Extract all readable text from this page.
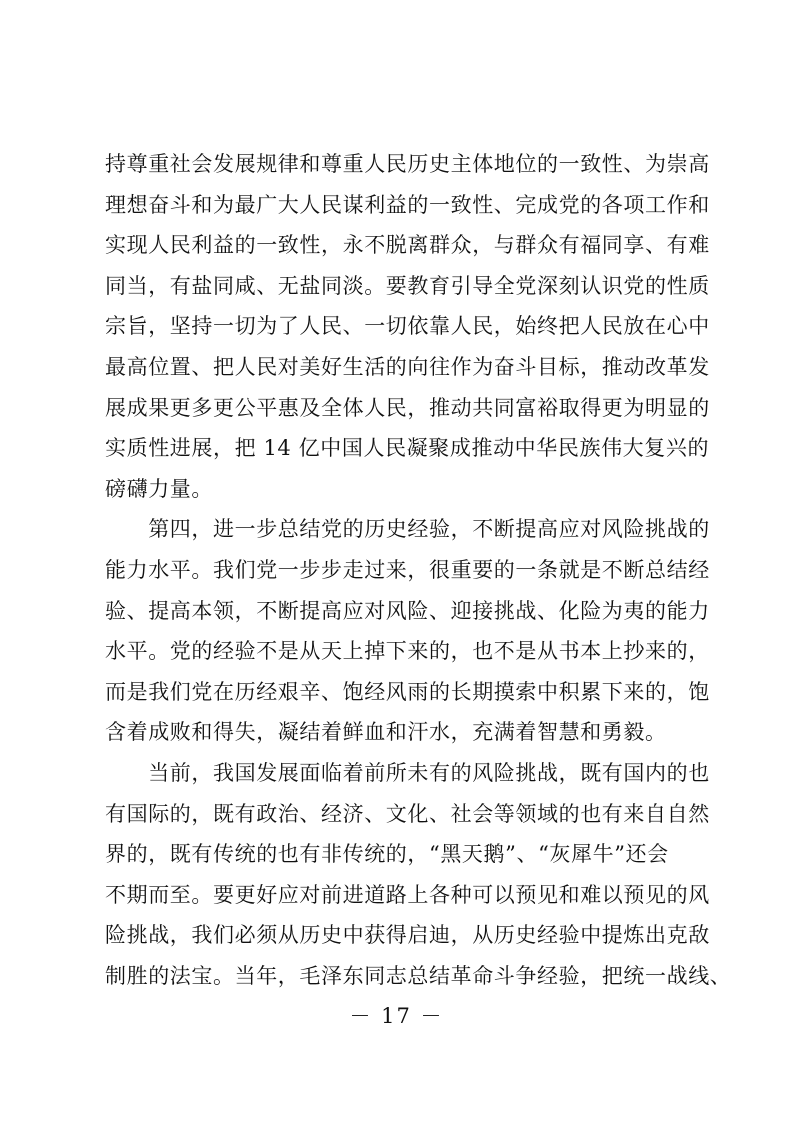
持尊重社会发展规律和尊重人民历史主体地位的一致性、为崇高
理想奋斗和为最广大人民谋利益的一致性、完成党的各项工作和
实现人民利益的一致性，永不脱离群众，与群众有福同享、有难
同当，有盐同咸、无盐同淡。要教育引导全党深刻认识党的性质
宗旨，坚持一切为了人民、一切依靠人民，始终把人民放在心中
最高位置、把人民对美好生活的向往作为奋斗目标，推动改革发
展成果更多更公平惠及全体人民，推动共同富裕取得更为明显的
实质性进展，把 14 亿中国人民凝聚成推动中华民族伟大复兴的
磅礴力量。
　　第四，进一步总结党的历史经验，不断提高应对风险挑战的
能力水平。我们党一步步走过来，很重要的一条就是不断总结经
验、提高本领，不断提高应对风险、迎接挑战、化险为夷的能力
水平。党的经验不是从天上掉下来的，也不是从书本上抄来的，
而是我们党在历经艰辛、饱经风雨的长期摸索中积累下来的，饱
含着成败和得失，凝结着鲜血和汗水，充满着智慧和勇毅。
　　当前，我国发展面临着前所未有的风险挑战，既有国内的也
有国际的，既有政治、经济、文化、社会等领域的也有来自自然
界的，既有传统的也有非传统的，“黑天鹅”、“灰犀牛”还会
不期而至。要更好应对前进道路上各种可以预见和难以预见的风
险挑战，我们必须从历史中获得启迪，从历史经验中提炼出克敌
制胜的法宝。当年，毛泽东同志总结革命斗争经验，把统一战线、
－ 17 －
